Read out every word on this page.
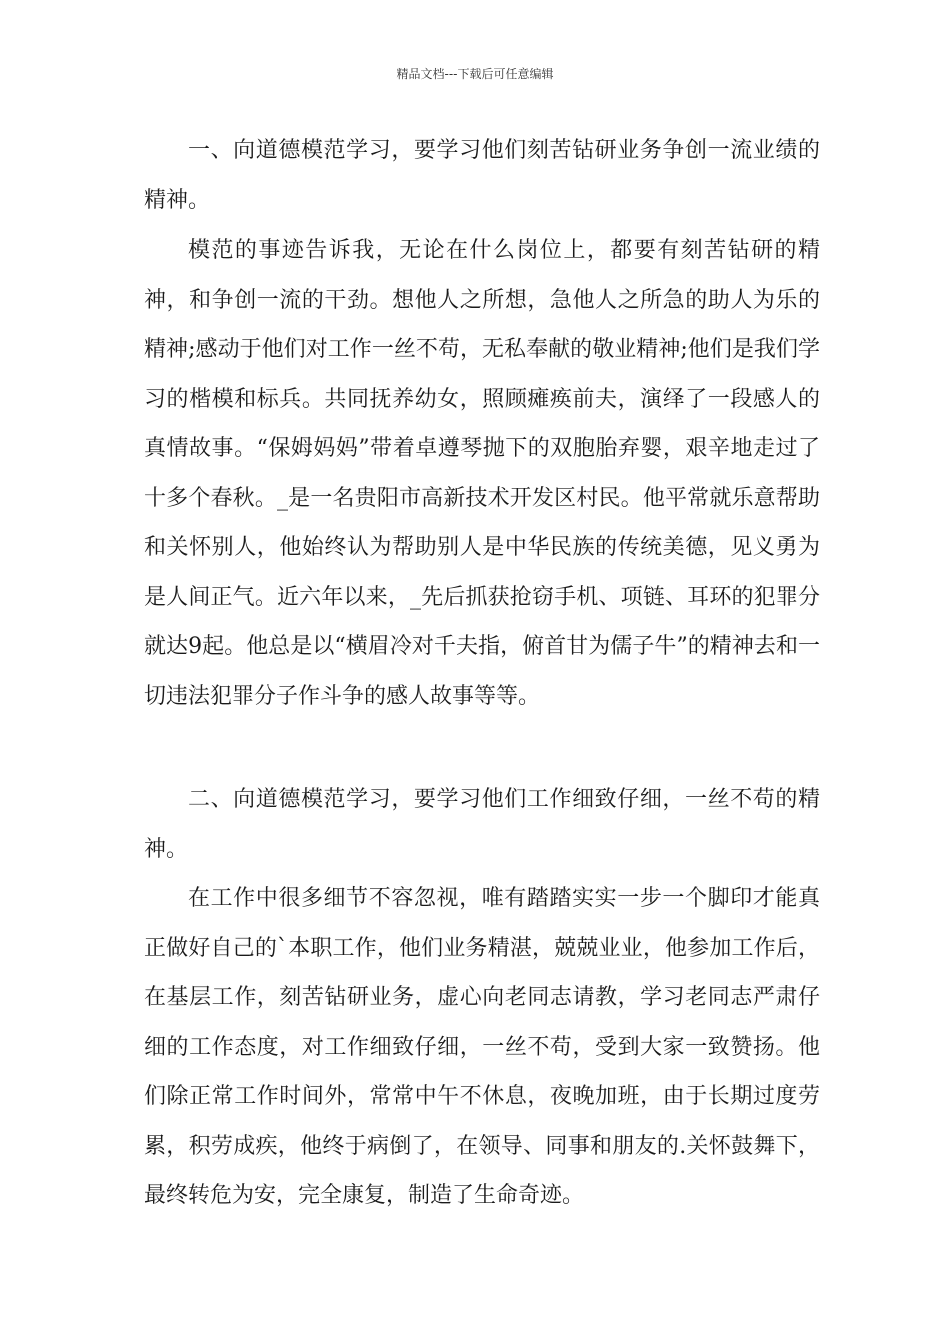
精品文档---下载后可任意编辑

一、向道德模范学习，要学习他们刻苦钻研业务争创一流业绩的精神。

模范的事迹告诉我，无论在什么岗位上，都要有刻苦钻研的精神，和争创一流的干劲。想他人之所想，急他人之所急的助人为乐的精神;感动于他们对工作一丝不苟，无私奉献的敬业精神;他们是我们学习的楷模和标兵。共同抚养幼女，照顾瘫痪前夫，演绎了一段感人的真情故事。“保姆妈妈”带着卓遵琴抛下的双胞胎弃婴，艰辛地走过了十多个春秋。_是一名贵阳市高新技术开发区村民。他平常就乐意帮助和关怀别人，他始终认为帮助别人是中华民族的传统美德，见义勇为是人间正气。近六年以来，_先后抓获抢窃手机、项链、耳环的犯罪分就达9起。他总是以“横眉冷对千夫指，俯首甘为儒子牛”的精神去和一切违法犯罪分子作斗争的感人故事等等。

二、向道德模范学习，要学习他们工作细致仔细，一丝不苟的精神。

在工作中很多细节不容忽视，唯有踏踏实实一步一个脚印才能真正做好自己的`本职工作，他们业务精湛，兢兢业业，他参加工作后，在基层工作，刻苦钻研业务，虚心向老同志请教，学习老同志严肃仔细的工作态度，对工作细致仔细，一丝不苟，受到大家一致赞扬。他们除正常工作时间外，常常中午不休息，夜晚加班，由于长期过度劳累，积劳成疾，他终于病倒了，在领导、同事和朋友的.关怀鼓舞下，最终转危为安，完全康复，制造了生命奇迹。
